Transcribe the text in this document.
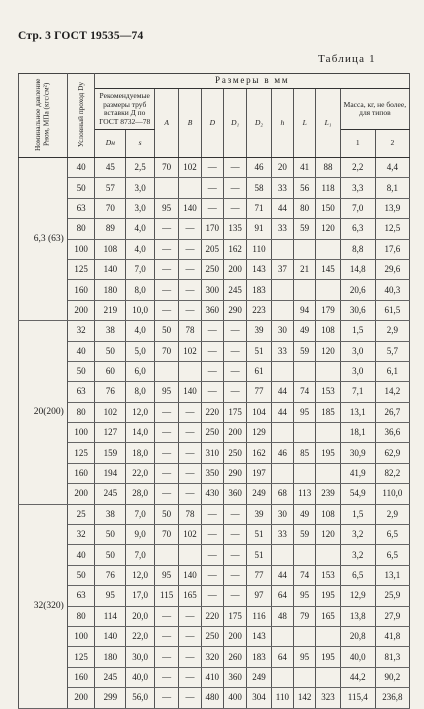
Стр. 3 ГОСТ 19535—74
Таблица 1
Номинальное давление Pном, МПа (кгс/см²)	Условный проход Dу	Размеры в мм											
		Рекомендуемые размеры труб вставки Д по ГОСТ 8732—78		A	B	D	D₁	D₂	h	L	L₁	Масса, кг, не более, для типов	
		Dн	s									1	2
6,3 (63)	40	45	2,5	70	102	—	—	46	20	41	88	2,2	4,4
	50	57	3,0			—	—	58	33	56	118	3,3	8,1
	63	70	3,0	95	140	—	—	71	44	80	150	7,0	13,9
	80	89	4,0	—	—	170	135	91	33	59	120	6,3	12,5
	100	108	4,0	—	—	205	162	110				8,8	17,6
	125	140	7,0	—	—	250	200	143	37	21	145	14,8	29,6
	160	180	8,0	—	—	300	245	183				20,6	40,3
	200	219	10,0	—	—	360	290	223		94	179	30,6	61,5
20(200)	32	38	4,0	50	78	—	—	39	30	49	108	1,5	2,9
	40	50	5,0	70	102	—	—	51	33	59	120	3,0	5,7
	50	60	6,0			—	—	61				3,0	6,1
	63	76	8,0	95	140	—	—	77	44	74	153	7,1	14,2
	80	102	12,0	—	—	220	175	104	44	95	185	13,1	26,7
	100	127	14,0	—	—	250	200	129				18,1	36,6
	125	159	18,0	—	—	310	250	162	46	85	195	30,9	62,9
	160	194	22,0	—	—	350	290	197				41,9	82,2
	200	245	28,0	—	—	430	360	249	68	113	239	54,9	110,0
32(320)	25	38	7,0	50	78	—	—	39	30	49	108	1,5	2,9
	32	50	9,0	70	102	—	—	51	33	59	120	3,2	6,5
	40	50	7,0			—	—	51				3,2	6,5
	50	76	12,0	95	140	—	—	77	44	74	153	6,5	13,1
	63	95	17,0	115	165	—	—	97	64	95	195	12,9	25,9
	80	114	20,0	—	—	220	175	116	48	79	165	13,8	27,9
	100	140	22,0	—	—	250	200	143				20,8	41,8
	125	180	30,0	—	—	320	260	183	64	95	195	40,0	81,3
	160	245	40,0	—	—	410	360	249				44,2	90,2
	200	299	56,0	—	—	480	400	304	110	142	323	115,4	236,8
